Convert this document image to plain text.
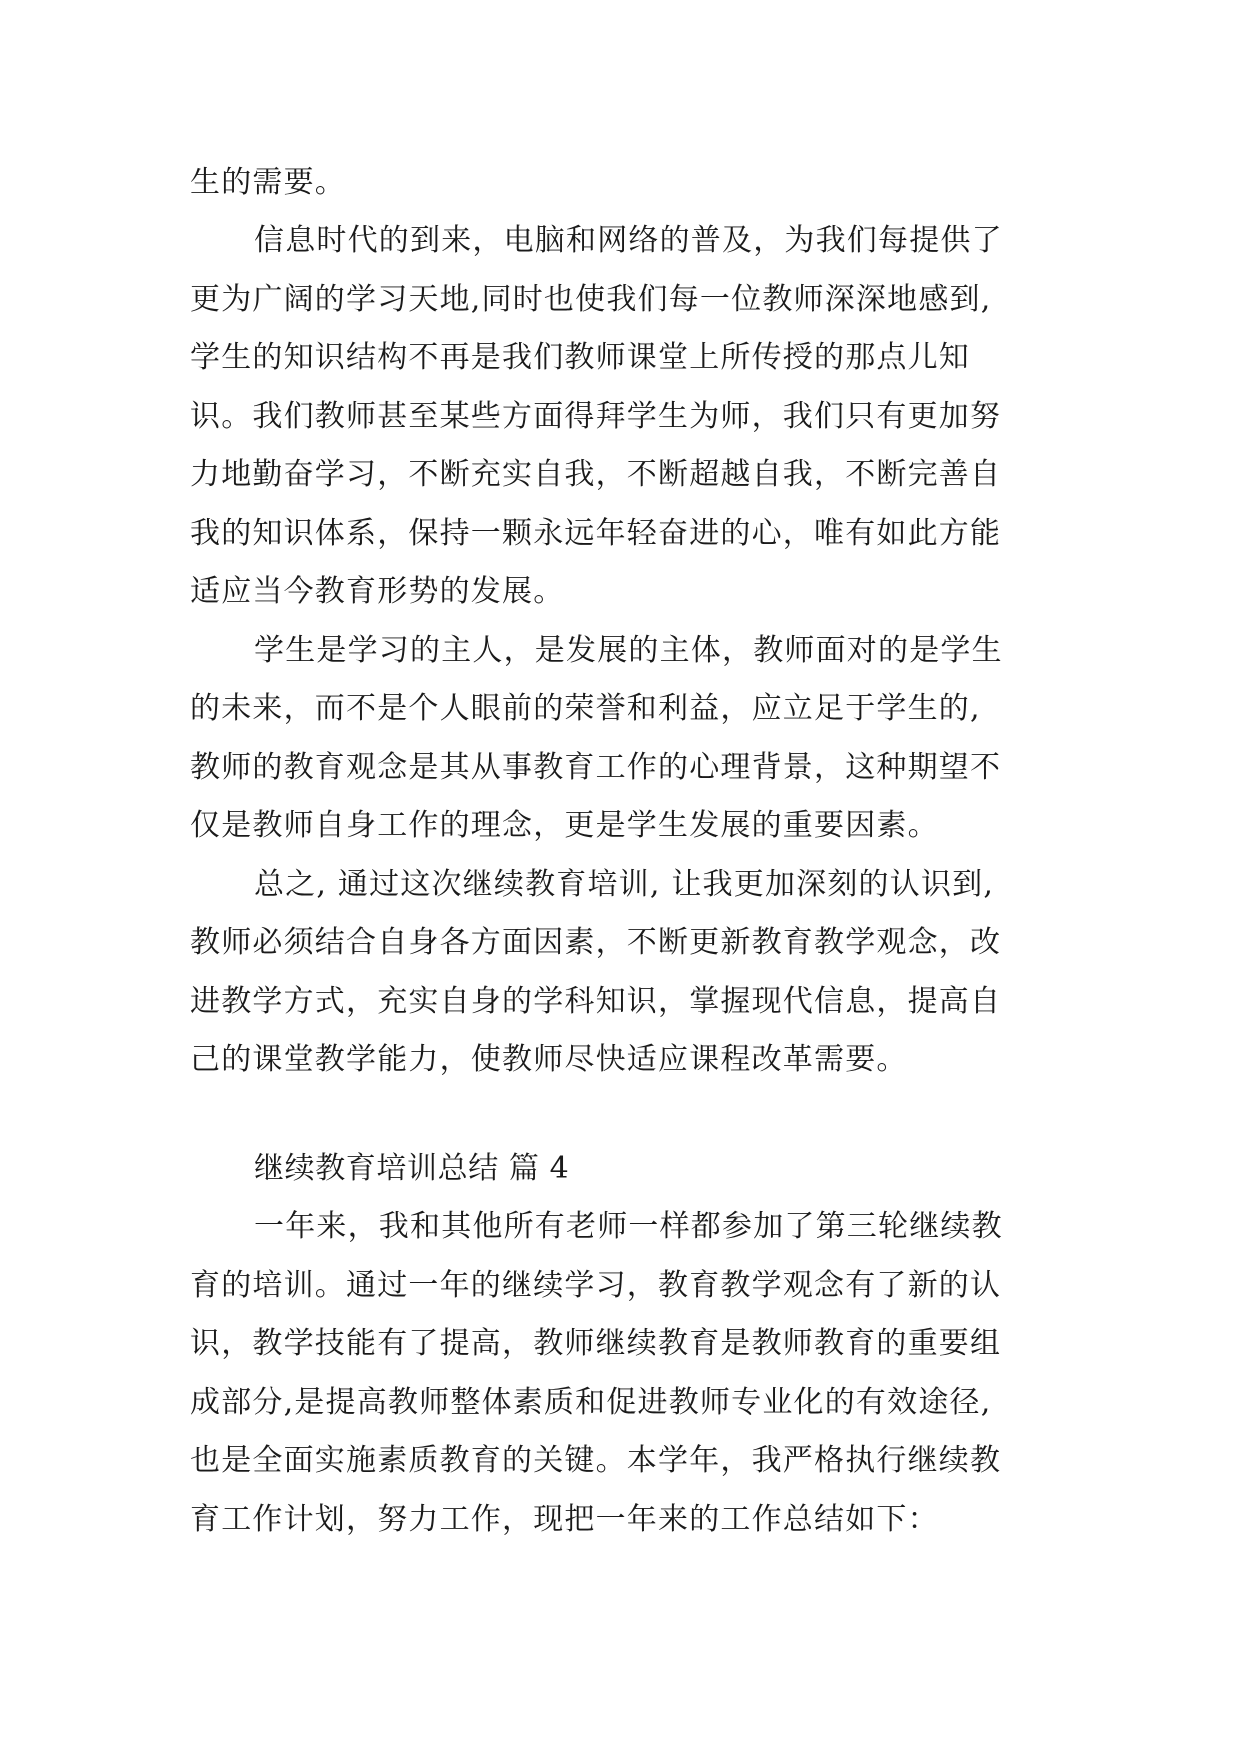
生的需要。
信息时代的到来，电脑和网络的普及，为我们每提供了
更为广阔的学习天地,同时也使我们每一位教师深深地感到,
学生的知识结构不再是我们教师课堂上所传授的那点儿知
识。我们教师甚至某些方面得拜学生为师，我们只有更加努
力地勤奋学习，不断充实自我，不断超越自我，不断完善自
我的知识体系，保持一颗永远年轻奋进的心，唯有如此方能
适应当今教育形势的发展。
学生是学习的主人，是发展的主体，教师面对的是学生
的未来，而不是个人眼前的荣誉和利益，应立足于学生的,
教师的教育观念是其从事教育工作的心理背景，这种期望不
仅是教师自身工作的理念，更是学生发展的重要因素。
总之, 通过这次继续教育培训, 让我更加深刻的认识到,
教师必须结合自身各方面因素，不断更新教育教学观念，改
进教学方式，充实自身的学科知识，掌握现代信息，提高自
己的课堂教学能力，使教师尽快适应课程改革需要。
继续教育培训总结 篇 4
一年来，我和其他所有老师一样都参加了第三轮继续教
育的培训。通过一年的继续学习，教育教学观念有了新的认
识，教学技能有了提高，教师继续教育是教师教育的重要组
成部分,是提高教师整体素质和促进教师专业化的有效途径,
也是全面实施素质教育的关键。本学年，我严格执行继续教
育工作计划，努力工作，现把一年来的工作总结如下：
